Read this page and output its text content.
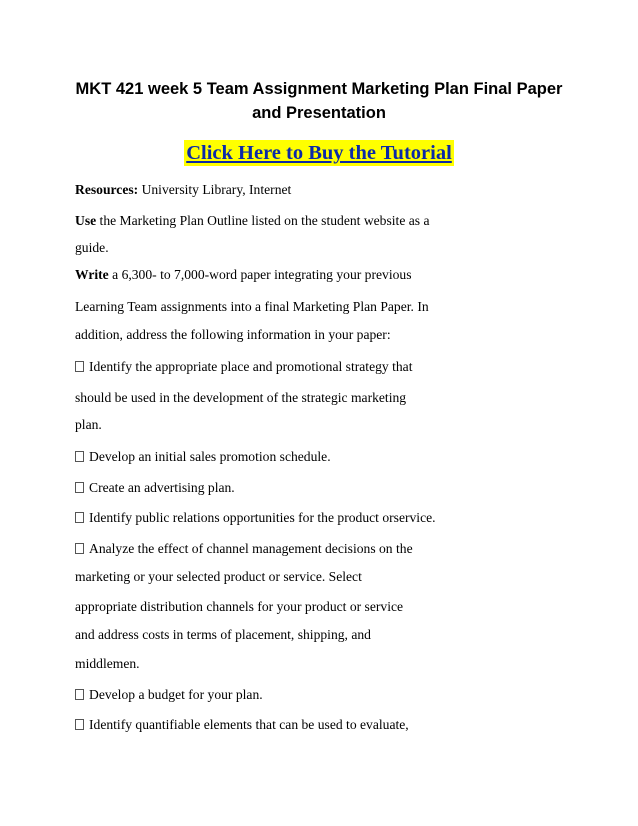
MKT 421 week 5 Team Assignment Marketing Plan Final Paper
and Presentation
Click Here to Buy the Tutorial
Resources: University Library, Internet
Use the Marketing Plan Outline listed on the student website as a
guide.
Write a 6,300- to 7,000-word paper integrating your previous
Learning Team assignments into a final Marketing Plan Paper. In
addition, address the following information in your paper:
Identify the appropriate place and promotional strategy that
should be used in the development of the strategic marketing
plan.
Develop an initial sales promotion schedule.
Create an advertising plan.
Identify public relations opportunities for the product orservice.
Analyze the effect of channel management decisions on the
marketing or your selected product or service. Select
appropriate distribution channels for your product or service
and address costs in terms of placement, shipping, and
middlemen.
Develop a budget for your plan.
Identify quantifiable elements that can be used to evaluate,
